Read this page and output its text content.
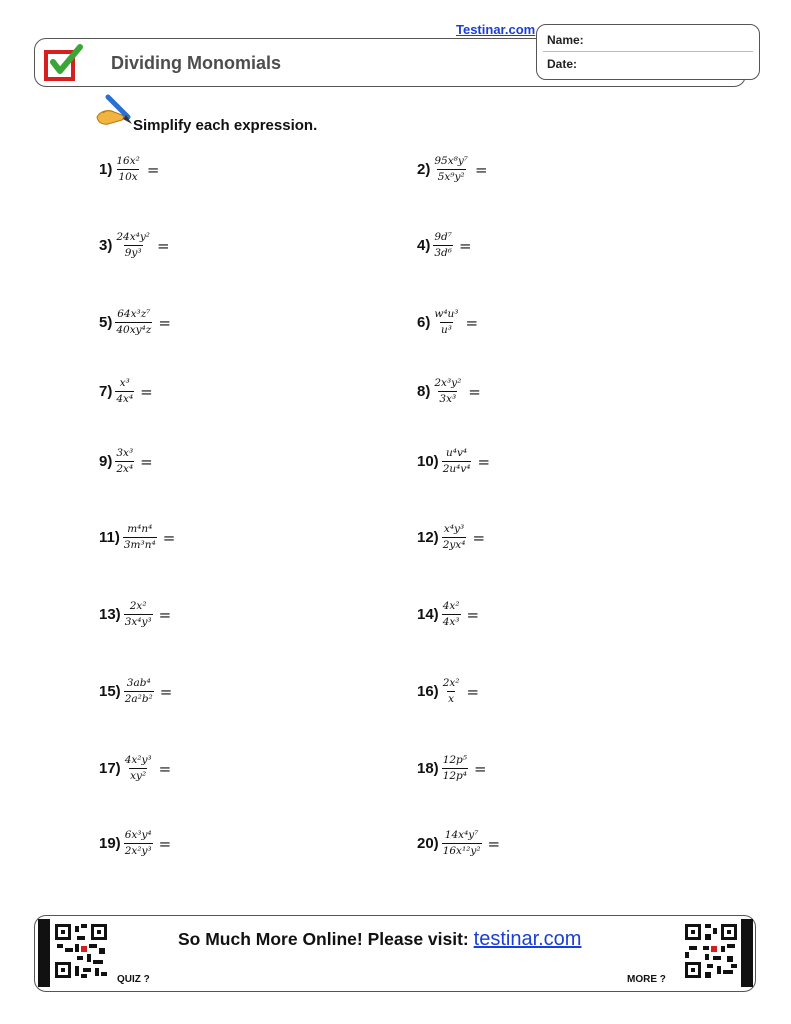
Testinar.com
Dividing Monomials
Name:
Date:
Simplify each expression.
$1) \frac{\text{16x²}}{10x}$ =	$2) \frac{\text{95x⁸y⁷}}{\text{5x⁹y²}}$ =
$3) \frac{\text{24x⁴y²}}{\text{9y³}}$ =	$4) \frac{\text{9d⁷}}{\text{3d⁶}}$ =
$5) \frac{\text{64x³z⁷}}{\text{40xy⁴z}}$ =	$6) \frac{\text{w⁴u³}}{\text{u³}}$ =
$7) \frac{\text{x³}}{\text{4x⁴}}$ =	$8) \frac{\text{2x³y²}}{\text{3x³}}$ =
$9) \frac{\text{3x³}}{\text{2x⁴}}$ =	$10) \frac{\text{u⁴v⁴}}{\text{2u⁴v⁴}}$ =
$11) \frac{\text{m⁴n⁴}}{\text{3m³n⁴}}$ =	$12) \frac{\text{x⁴y³}}{\text{2yx⁴}}$ =
$13) \frac{\text{2x²}}{\text{3x⁴y³}}$ =	$14) \frac{\text{4x²}}{\text{4x³}}$ =
$15) \frac{\text{3ab⁴}}{\text{2a²b²}}$ =	$16) \frac{\text{2x²}}{x}$ =
$17) \frac{\text{4x²y³}}{\text{xy²}}$ =	$18) \frac{\text{12p⁵}}{\text{12p⁴}}$ =
$19) \frac{\text{6x³y⁴}}{\text{2x²y³}}$ =	$20) \frac{\text{14x⁴y⁷}}{\text{16x¹²y²}}$ =
So Much More Online! Please visit: testinar.com
QUIZ ?	MORE ?
